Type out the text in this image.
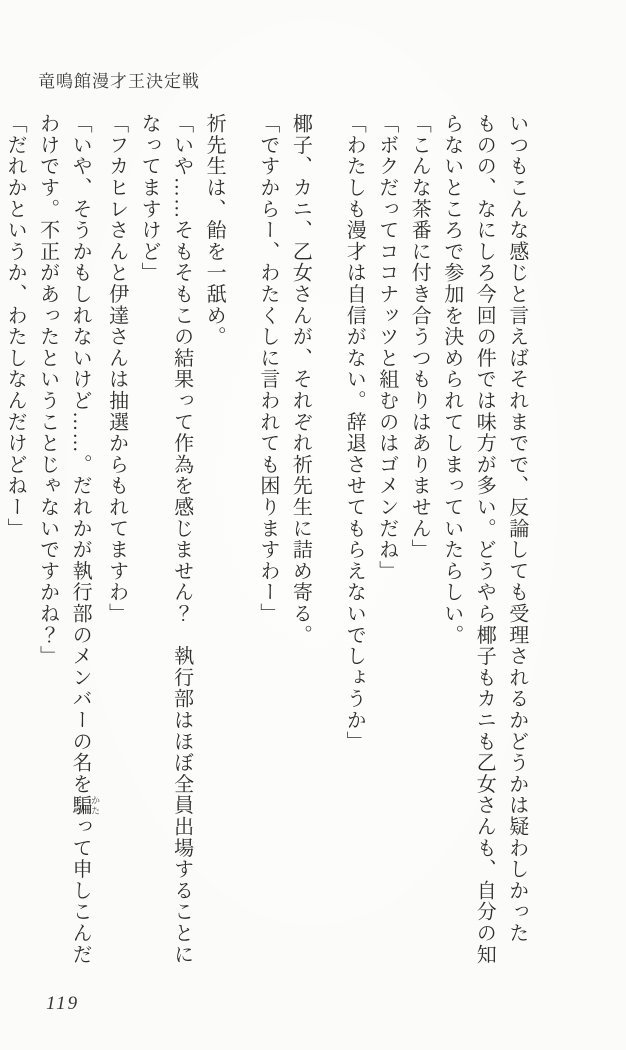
竜鳴館漫才王決定戦

いつもこんな感じと言えばそれまでで、反論しても受理されるかどうかは疑わしかった

ものの、なにしろ今回の件では味方が多い。どうやら椰子もカニも乙女さんも、自分の知

らないところで参加を決められてしまっていたらしい。

「こんな茶番に付き合うつもりはありません」

「ボクだってココナッツと組むのはゴメンだね」

「わたしも漫才は自信がない。辞退させてもらえないでしょうか」

椰子、カニ、乙女さんが、それぞれ祈先生に詰め寄る。

「ですからー、わたくしに言われても困りますわー」

祈先生は、飴を一舐め。

「いや……そもそもこの結果って作為を感じません？　執行部はほぼ全員出場することに

なってますけど」

「フカヒレさんと伊達さんは抽選からもれてますわ」

「いや、そうかもしれないけど……。だれかが執行部のメンバーの名を騙 かたって申しこんだ

わけです。不正があったということじゃないですかね？」

「だれかというか、わたしなんだけどねー」

119
